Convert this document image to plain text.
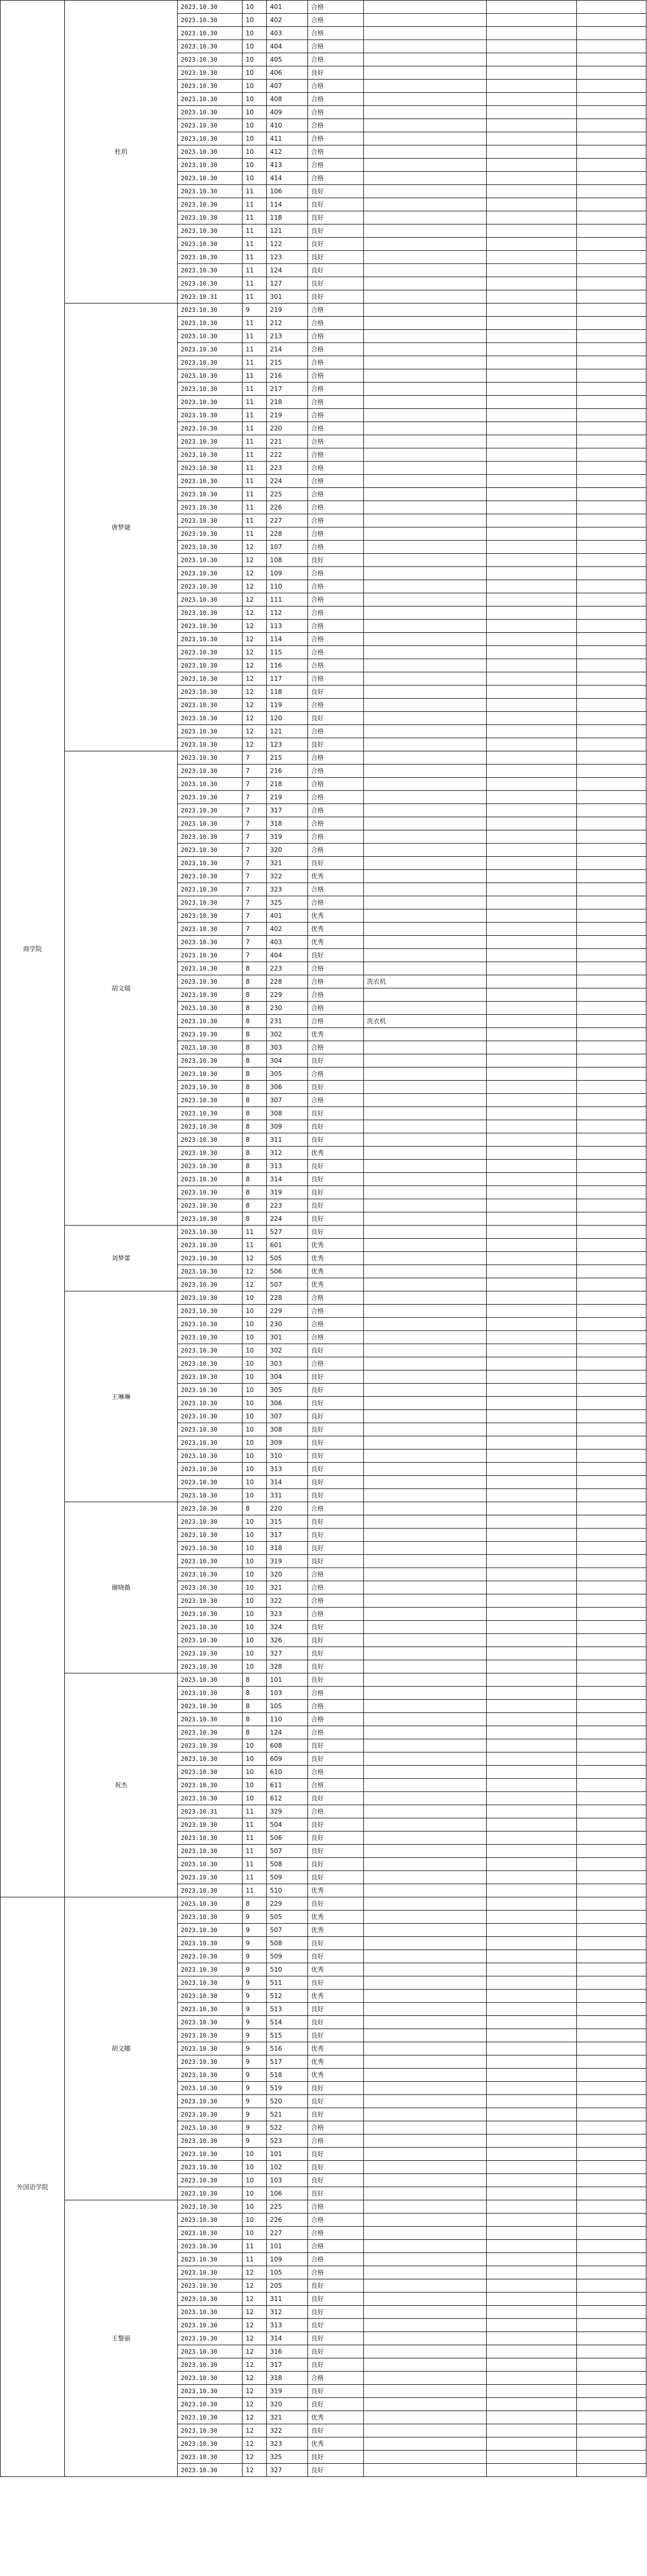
商学院	杜玥	2023.10.30	10	401	合格			
		2023.10.30	10	402	合格			
		2023.10.30	10	403	合格			
		2023.10.30	10	404	合格			
		2023.10.30	10	405	合格			
		2023.10.30	10	406	良好			
		2023.10.30	10	407	合格			
		2023.10.30	10	408	合格			
		2023.10.30	10	409	合格			
		2023.10.30	10	410	合格			
		2023.10.30	10	411	合格			
		2023.10.30	10	412	合格			
		2023.10.30	10	413	合格			
		2023.10.30	10	414	合格			
		2023.10.30	11	106	良好			
		2023.10.30	11	114	良好			
		2023.10.30	11	118	良好			
		2023.10.30	11	121	良好			
		2023.10.30	11	122	良好			
		2023.10.30	11	123	良好			
		2023.10.30	11	124	良好			
		2023.10.30	11	127	良好			
		2023.10.31	11	301	良好			
	唐梦婕	2023.10.30	9	219	合格			
		2023.10.30	11	212	合格			
		2023.10.30	11	213	合格			
		2023.10.30	11	214	合格			
		2023.10.30	11	215	合格			
		2023.10.30	11	216	合格			
		2023.10.30	11	217	合格			
		2023.10.30	11	218	合格			
		2023.10.30	11	219	合格			
		2023.10.30	11	220	合格			
		2023.10.30	11	221	合格			
		2023.10.30	11	222	合格			
		2023.10.30	11	223	合格			
		2023.10.30	11	224	合格			
		2023.10.30	11	225	合格			
		2023.10.30	11	226	合格			
		2023.10.30	11	227	合格			
		2023.10.30	11	228	合格			
		2023.10.30	12	107	合格			
		2023.10.30	12	108	良好			
		2023.10.30	12	109	合格			
		2023.10.30	12	110	合格			
		2023.10.30	12	111	合格			
		2023.10.30	12	112	合格			
		2023.10.30	12	113	合格			
		2023.10.30	12	114	合格			
		2023.10.30	12	115	合格			
		2023.10.30	12	116	合格			
		2023.10.30	12	117	合格			
		2023.10.30	12	118	良好			
		2023.10.30	12	119	合格			
		2023.10.30	12	120	良好			
		2023.10.30	12	121	合格			
		2023.10.30	12	123	良好			
	胡文瑞	2023.10.30	7	215	合格			
		2023.10.30	7	216	合格			
		2023.10.30	7	218	合格			
		2023.10.30	7	219	合格			
		2023.10.30	7	317	合格			
		2023.10.30	7	318	合格			
		2023.10.30	7	319	合格			
		2023.10.30	7	320	合格			
		2023.10.30	7	321	良好			
		2023.10.30	7	322	优秀			
		2023.10.30	7	323	合格			
		2023.10.30	7	325	合格			
		2023.10.30	7	401	优秀			
		2023.10.30	7	402	优秀			
		2023.10.30	7	403	优秀			
		2023.10.30	7	404	良好			
		2023.10.30	8	223	合格			
		2023.10.30	8	228	合格	洗衣机		
		2023.10.30	8	229	合格			
		2023.10.30	8	230	合格			
		2023.10.30	8	231	合格	洗衣机		
		2023.10.30	8	302	优秀			
		2023.10.30	8	303	合格			
		2023.10.30	8	304	良好			
		2023.10.30	8	305	合格			
		2023.10.30	8	306	良好			
		2023.10.30	8	307	合格			
		2023.10.30	8	308	良好			
		2023.10.30	8	309	良好			
		2023.10.30	8	311	良好			
		2023.10.30	8	312	优秀			
		2023.10.30	8	313	良好			
		2023.10.30	8	314	良好			
		2023.10.30	8	319	良好			
		2023.10.30	8	223	良好			
		2023.10.30	8	224	良好			
	刘梦蕾	2023.10.30	11	527	良好			
		2023.10.30	11	601	优秀			
		2023.10.30	12	505	优秀			
		2023.10.30	12	506	优秀			
		2023.10.30	12	507	优秀			
	王琳琳	2023.10.30	10	228	合格			
		2023.10.30	10	229	合格			
		2023.10.30	10	230	合格			
		2023.10.30	10	301	合格			
		2023.10.30	10	302	良好			
		2023.10.30	10	303	合格			
		2023.10.30	10	304	良好			
		2023.10.30	10	305	良好			
		2023.10.30	10	306	良好			
		2023.10.30	10	307	良好			
		2023.10.30	10	308	良好			
		2023.10.30	10	309	良好			
		2023.10.30	10	310	良好			
		2023.10.30	10	313	良好			
		2023.10.30	10	314	良好			
		2023.10.30	10	331	良好			
	谢晓薇	2023.10.30	8	220	合格			
		2023.10.30	10	315	良好			
		2023.10.30	10	317	良好			
		2023.10.30	10	318	良好			
		2023.10.30	10	319	良好			
		2023.10.30	10	320	合格			
		2023.10.30	10	321	合格			
		2023.10.30	10	322	合格			
		2023.10.30	10	323	合格			
		2023.10.30	10	324	良好			
		2023.10.30	10	326	良好			
		2023.10.30	10	327	良好			
		2023.10.30	10	328	良好			
	祝杰	2023.10.30	8	101	良好			
		2023.10.30	8	103	合格			
		2023.10.30	8	105	合格			
		2023.10.30	8	110	合格			
		2023.10.30	8	124	合格			
		2023.10.30	10	608	良好			
		2023.10.30	10	609	良好			
		2023.10.30	10	610	合格			
		2023.10.30	10	611	合格			
		2023.10.30	10	612	良好			
		2023.10.31	11	329	合格			
		2023.10.30	11	504	良好			
		2023.10.30	11	506	良好			
		2023.10.30	11	507	良好			
		2023.10.30	11	508	良好			
		2023.10.30	11	509	良好			
		2023.10.30	11	510	优秀			
外国语学院	胡文娜	2023.10.30	8	229	良好			
		2023.10.30	9	505	优秀			
		2023.10.30	9	507	优秀			
		2023.10.30	9	508	良好			
		2023.10.30	9	509	良好			
		2023.10.30	9	510	优秀			
		2023.10.30	9	511	良好			
		2023.10.30	9	512	优秀			
		2023.10.30	9	513	良好			
		2023.10.30	9	514	良好			
		2023.10.30	9	515	良好			
		2023.10.30	9	516	优秀			
		2023.10.30	9	517	优秀			
		2023.10.30	9	518	优秀			
		2023.10.30	9	519	良好			
		2023.10.30	9	520	良好			
		2023.10.30	9	521	良好			
		2023.10.30	9	522	合格			
		2023.10.30	9	523	合格			
		2023.10.30	10	101	良好			
		2023.10.30	10	102	良好			
		2023.10.30	10	103	良好			
		2023.10.30	10	106	良好			
	王黎丽	2023.10.30	10	225	合格			
		2023.10.30	10	226	合格			
		2023.10.30	10	227	合格			
		2023.10.30	11	101	合格			
		2023.10.30	11	109	合格			
		2023.10.30	12	105	合格			
		2023.10.30	12	205	良好			
		2023.10.30	12	311	良好			
		2023.10.30	12	312	良好			
		2023.10.30	12	313	良好			
		2023.10.30	12	314	良好			
		2023.10.30	12	316	良好			
		2023.10.30	12	317	良好			
		2023.10.30	12	318	合格			
		2023.10.30	12	319	良好			
		2023.10.30	12	320	良好			
		2023.10.30	12	321	优秀			
		2023.10.30	12	322	良好			
		2023.10.30	12	323	优秀			
		2023.10.30	12	325	良好			
		2023.10.30	12	327	良好			
